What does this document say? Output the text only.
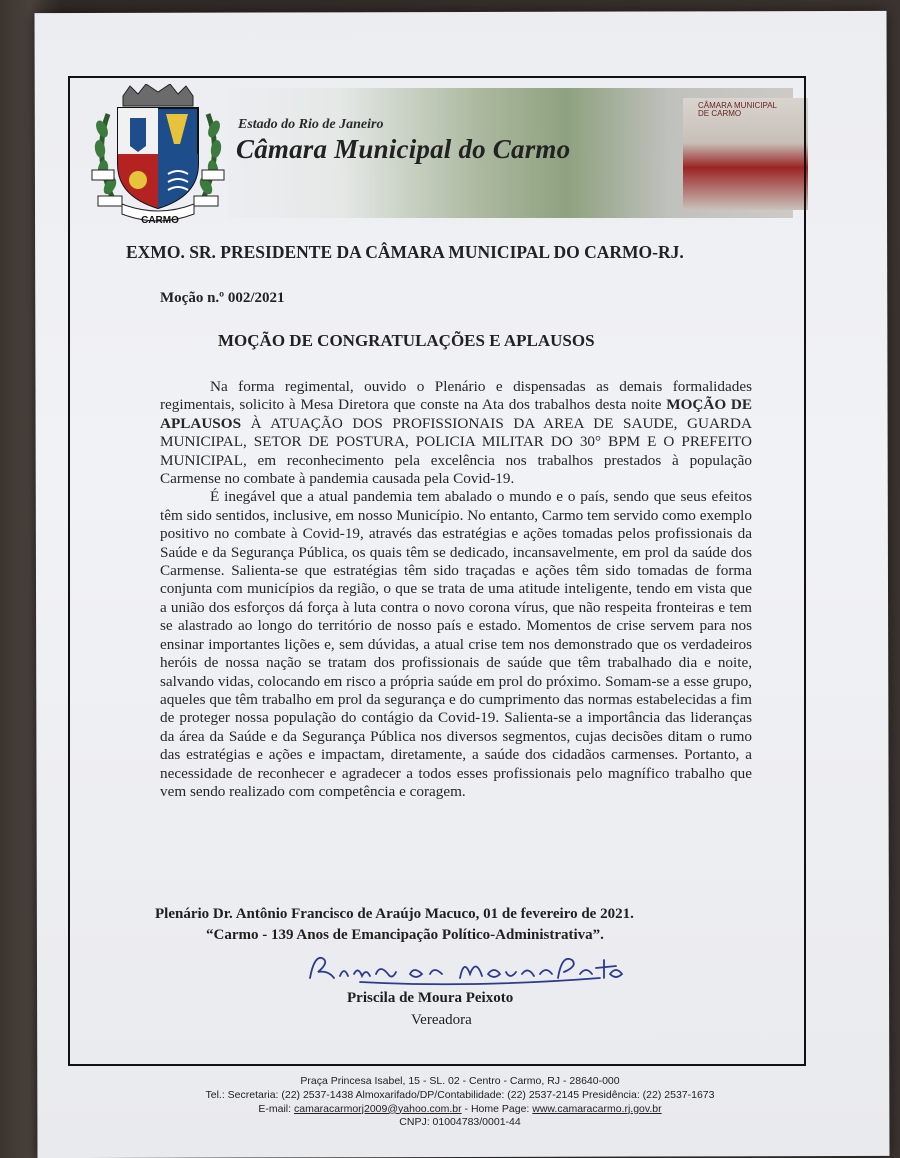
CÂMARA MUNICIPAL DE CARMO
CARMO
Estado do Rio de Janeiro
Câmara Municipal do Carmo
EXMO. SR. PRESIDENTE DA CÂMARA MUNICIPAL DO CARMO-RJ.
Moção n.º 002/2021
MOÇÃO DE CONGRATULAÇÕES E APLAUSOS

Na forma regimental, ouvido o Plenário e dispensadas as demais formalidades regimentais, solicito à Mesa Diretora que conste na Ata dos trabalhos desta noite MOÇÃO DE APLAUSOS À ATUAÇÃO DOS PROFISSIONAIS DA AREA DE SAUDE, GUARDA MUNICIPAL, SETOR DE POSTURA, POLICIA MILITAR DO 30° BPM E O PREFEITO MUNICIPAL, em reconhecimento pela excelência nos trabalhos prestados à população Carmense no combate à pandemia causada pela Covid-19.

É inegável que a atual pandemia tem abalado o mundo e o país, sendo que seus efeitos têm sido sentidos, inclusive, em nosso Município. No entanto, Carmo tem servido como exemplo positivo no combate à Covid-19, através das estratégias e ações tomadas pelos profissionais da Saúde e da Segurança Pública, os quais têm se dedicado, incansavelmente, em prol da saúde dos Carmense. Salienta-se que estratégias têm sido traçadas e ações têm sido tomadas de forma conjunta com municípios da região, o que se trata de uma atitude inteligente, tendo em vista que a união dos esforços dá força à luta contra o novo corona vírus, que não respeita fronteiras e tem se alastrado ao longo do território de nosso país e estado. Momentos de crise servem para nos ensinar importantes lições e, sem dúvidas, a atual crise tem nos demonstrado que os verdadeiros heróis de nossa nação se tratam dos profissionais de saúde que têm trabalhado dia e noite, salvando vidas, colocando em risco a própria saúde em prol do próximo. Somam-se a esse grupo, aqueles que têm trabalho em prol da segurança e do cumprimento das normas estabelecidas a fim de proteger nossa população do contágio da Covid-19. Salienta-se a importância das lideranças da área da Saúde e da Segurança Pública nos diversos segmentos, cujas decisões ditam o rumo das estratégias e ações e impactam, diretamente, a saúde dos cidadãos carmenses. Portanto, a necessidade de reconhecer e agradecer a todos esses profissionais pelo magnífico trabalho que vem sendo realizado com competência e coragem.

Plenário Dr. Antônio Francisco de Araújo Macuco, 01 de fevereiro de 2021.
“Carmo - 139 Anos de Emancipação Político-Administrativa”.
Priscila de Moura Peixoto
Vereadora
Praça Princesa Isabel, 15 - SL. 02 - Centro - Carmo, RJ - 28640-000
Tel.: Secretaria: (22) 2537-1438 Almoxarifado/DP/Contabilidade: (22) 2537-2145 Presidência: (22) 2537-1673
E-mail: camaracarmorj2009@yahoo.com.br - Home Page: www.camaracarmo.rj.gov.br
CNPJ: 01004783/0001-44
